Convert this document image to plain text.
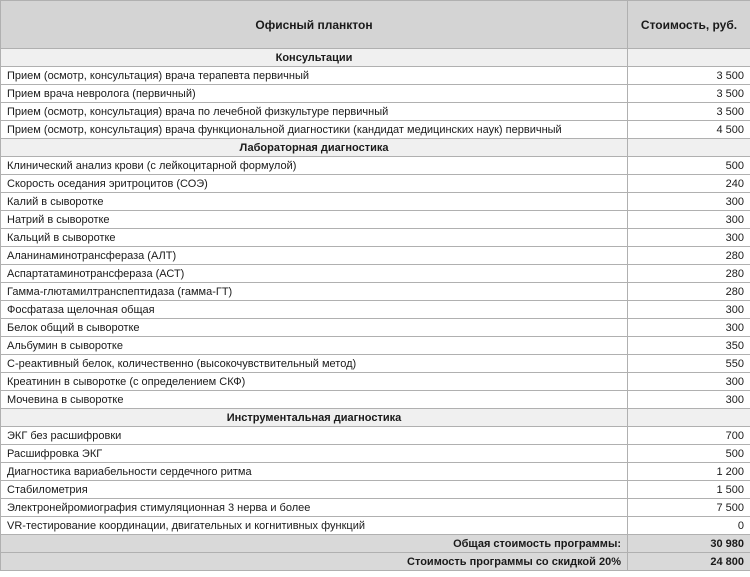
Офисный планктон	Стоимость, руб.
Консультации	
Прием (осмотр, консультация) врача терапевта первичный	3 500
Прием врача невролога (первичный)	3 500
Прием (осмотр, консультация) врача по лечебной физкультуре первичный	3 500
Прием (осмотр, консультация) врача функциональной диагностики (кандидат медицинских наук) первичный	4 500
Лабораторная диагностика	
Клинический анализ крови (с лейкоцитарной формулой)	500
Скорость оседания эритроцитов (СОЭ)	240
Калий в сыворотке	300
Натрий в сыворотке	300
Кальций в сыворотке	300
Аланинаминотрансфераза (АЛТ)	280
Аспартатаминотрансфераза (АСТ)	280
Гамма-глютамилтранспептидаза (гамма-ГТ)	280
Фосфатаза щелочная общая	300
Белок общий в сыворотке	300
Альбумин в сыворотке	350
С-реактивный белок, количественно (высокочувствительный метод)	550
Креатинин в сыворотке (с определением СКФ)	300
Мочевина в сыворотке	300
Инструментальная диагностика	
ЭКГ без расшифровки	700
Расшифровка ЭКГ	500
Диагностика вариабельности сердечного ритма	1 200
Стабилометрия	1 500
Электронейромиография стимуляционная 3 нерва и более	7 500
VR-тестирование координации, двигательных и когнитивных функций	0
Общая стоимость программы:	30 980
Стоимость программы со скидкой 20%	24 800
